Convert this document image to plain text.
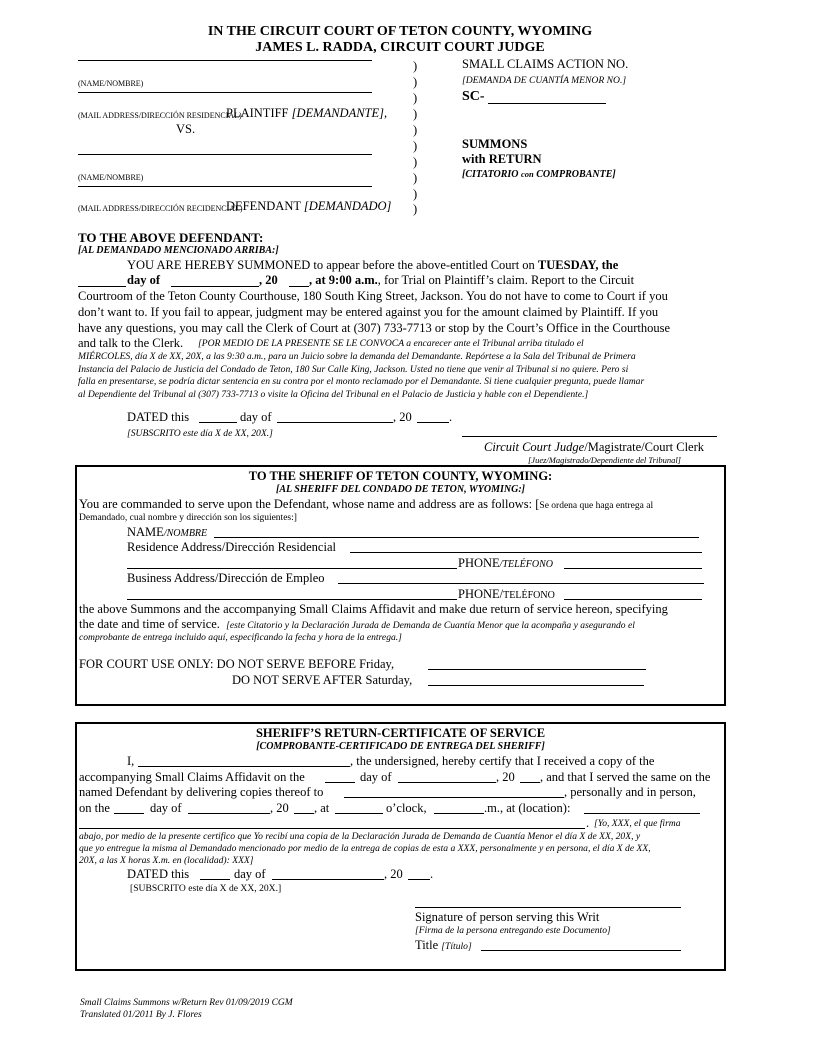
IN THE CIRCUIT COURT OF TETON COUNTY, WYOMING
JAMES L. RADDA, CIRCUIT COURT JUDGE
(NAME/NOMBRE)
(MAIL ADDRESS/DIRECCIÓN RESIDENCIAL)
PLAINTIFF [DEMANDANTE],
VS.
(NAME/NOMBRE)
(MAIL ADDRESS/DIRECCIÓN RECIDENCIAL)
DEFENDANT [DEMANDADO]
)
)
)
)
)
)
)
)
)
)
SMALL CLAIMS ACTION NO.
[DEMANDA DE CUANTÍA MENOR NO.]
SC-
SUMMONS
with RETURN
[CITATORIO con COMPROBANTE]
TO THE ABOVE DEFENDANT:
[AL DEMANDADO MENCIONADO ARRIBA:]
YOU ARE HEREBY SUMMONED to appear before the above-entitled Court on TUESDAY, the
day of	, 20	, at 9:00 a.m., for Trial on Plaintiff’s claim. Report to the Circuit
Courtroom of the Teton County Courthouse, 180 South King Street, Jackson. You do not have to come to Court if you
don’t want to. If you fail to appear, judgment may be entered against you for the amount claimed by Plaintiff. If you
have any questions, you may call the Clerk of Court at (307) 733-7713 or stop by the Court’s Office in the Courthouse
and talk to the Clerk. [POR MEDIO DE LA PRESENTE SE LE CONVOCA a encarecer ante el Tribunal arriba titulado el
MIÉRCOLES, día X de XX, 20X, a las 9:30 a.m., para un Juicio sobre la demanda del Demandante. Repórtese a la Sala del Tribunal de Primera
Instancia del Palacio de Justicia del Condado de Teton, 180 Sur Calle King, Jackson. Usted no tiene que venir al Tribunal si no quiere. Pero si
falla en presentarse, se podría dictar sentencia en su contra por el monto reclamado por el Demandante. Si tiene cualquier pregunta, puede llamar
al Dependiente del Tribunal al (307) 733-7713 o visite la Oficina del Tribunal en el Palacio de Justicia y hable con el Dependiente.]
DATED this	day of	, 20	.
[SUBSCRITO este día X de XX, 20X.]
Circuit Court Judge/Magistrate/Court Clerk
[Juez/Magistrado/Dependiente del Tribunal]
TO THE SHERIFF OF TETON COUNTY, WYOMING:
[AL SHERIFF DEL CONDADO DE TETON, WYOMING:]
You are commanded to serve upon the Defendant, whose name and address are as follows: [Se ordena que haga entrega al
Demandado, cual nombre y dirección son los siguientes:]
NAME/NOMBRE
Residence Address/Dirección Residencial
PHONE/TELÉFONO
Business Address/Dirección de Empleo
PHONE/TELÉFONO
the above Summons and the accompanying Small Claims Affidavit and make due return of service hereon, specifying
the date and time of service. [este Citatorio y la Declaración Jurada de Demanda de Cuantía Menor que la acompaña y asegurando el
comprobante de entrega incluido aquí, especificando la fecha y hora de la entrega.]
FOR COURT USE ONLY: DO NOT SERVE BEFORE Friday,
DO NOT SERVE AFTER Saturday,
SHERIFF’S RETURN-CERTIFICATE OF SERVICE
[COMPROBANTE-CERTIFICADO DE ENTREGA DEL SHERIFF]
I,	, the undersigned, hereby certify that I received a copy of the
accompanying Small Claims Affidavit on the	day of	, 20 , and that I served the same on the
named Defendant by delivering copies thereof to	, personally and in person,
on the	day of	, 20 , at	o’clock,	.m., at (location):
. [Yo, XXX, el que firma
abajo, por medio de la presente certifico que Yo recibí una copia de la Declaración Jurada de Demanda de Cuantía Menor el día X de XX, 20X, y
que yo entregue la misma al Demandado mencionado por medio de la entrega de copias de esta a XXX, personalmente y en persona, el día X de XX,
20X, a las X horas X.m. en (localidad): XXX]
DATED this	day of	, 20 .
[SUBSCRITO este día X de XX, 20X.]
Signature of person serving this Writ
[Firma de la persona entregando este Documento]
Title [Título]
Small Claims Summons w/Return Rev 01/09/2019 CGM
Translated 01/2011 By J. Flores
